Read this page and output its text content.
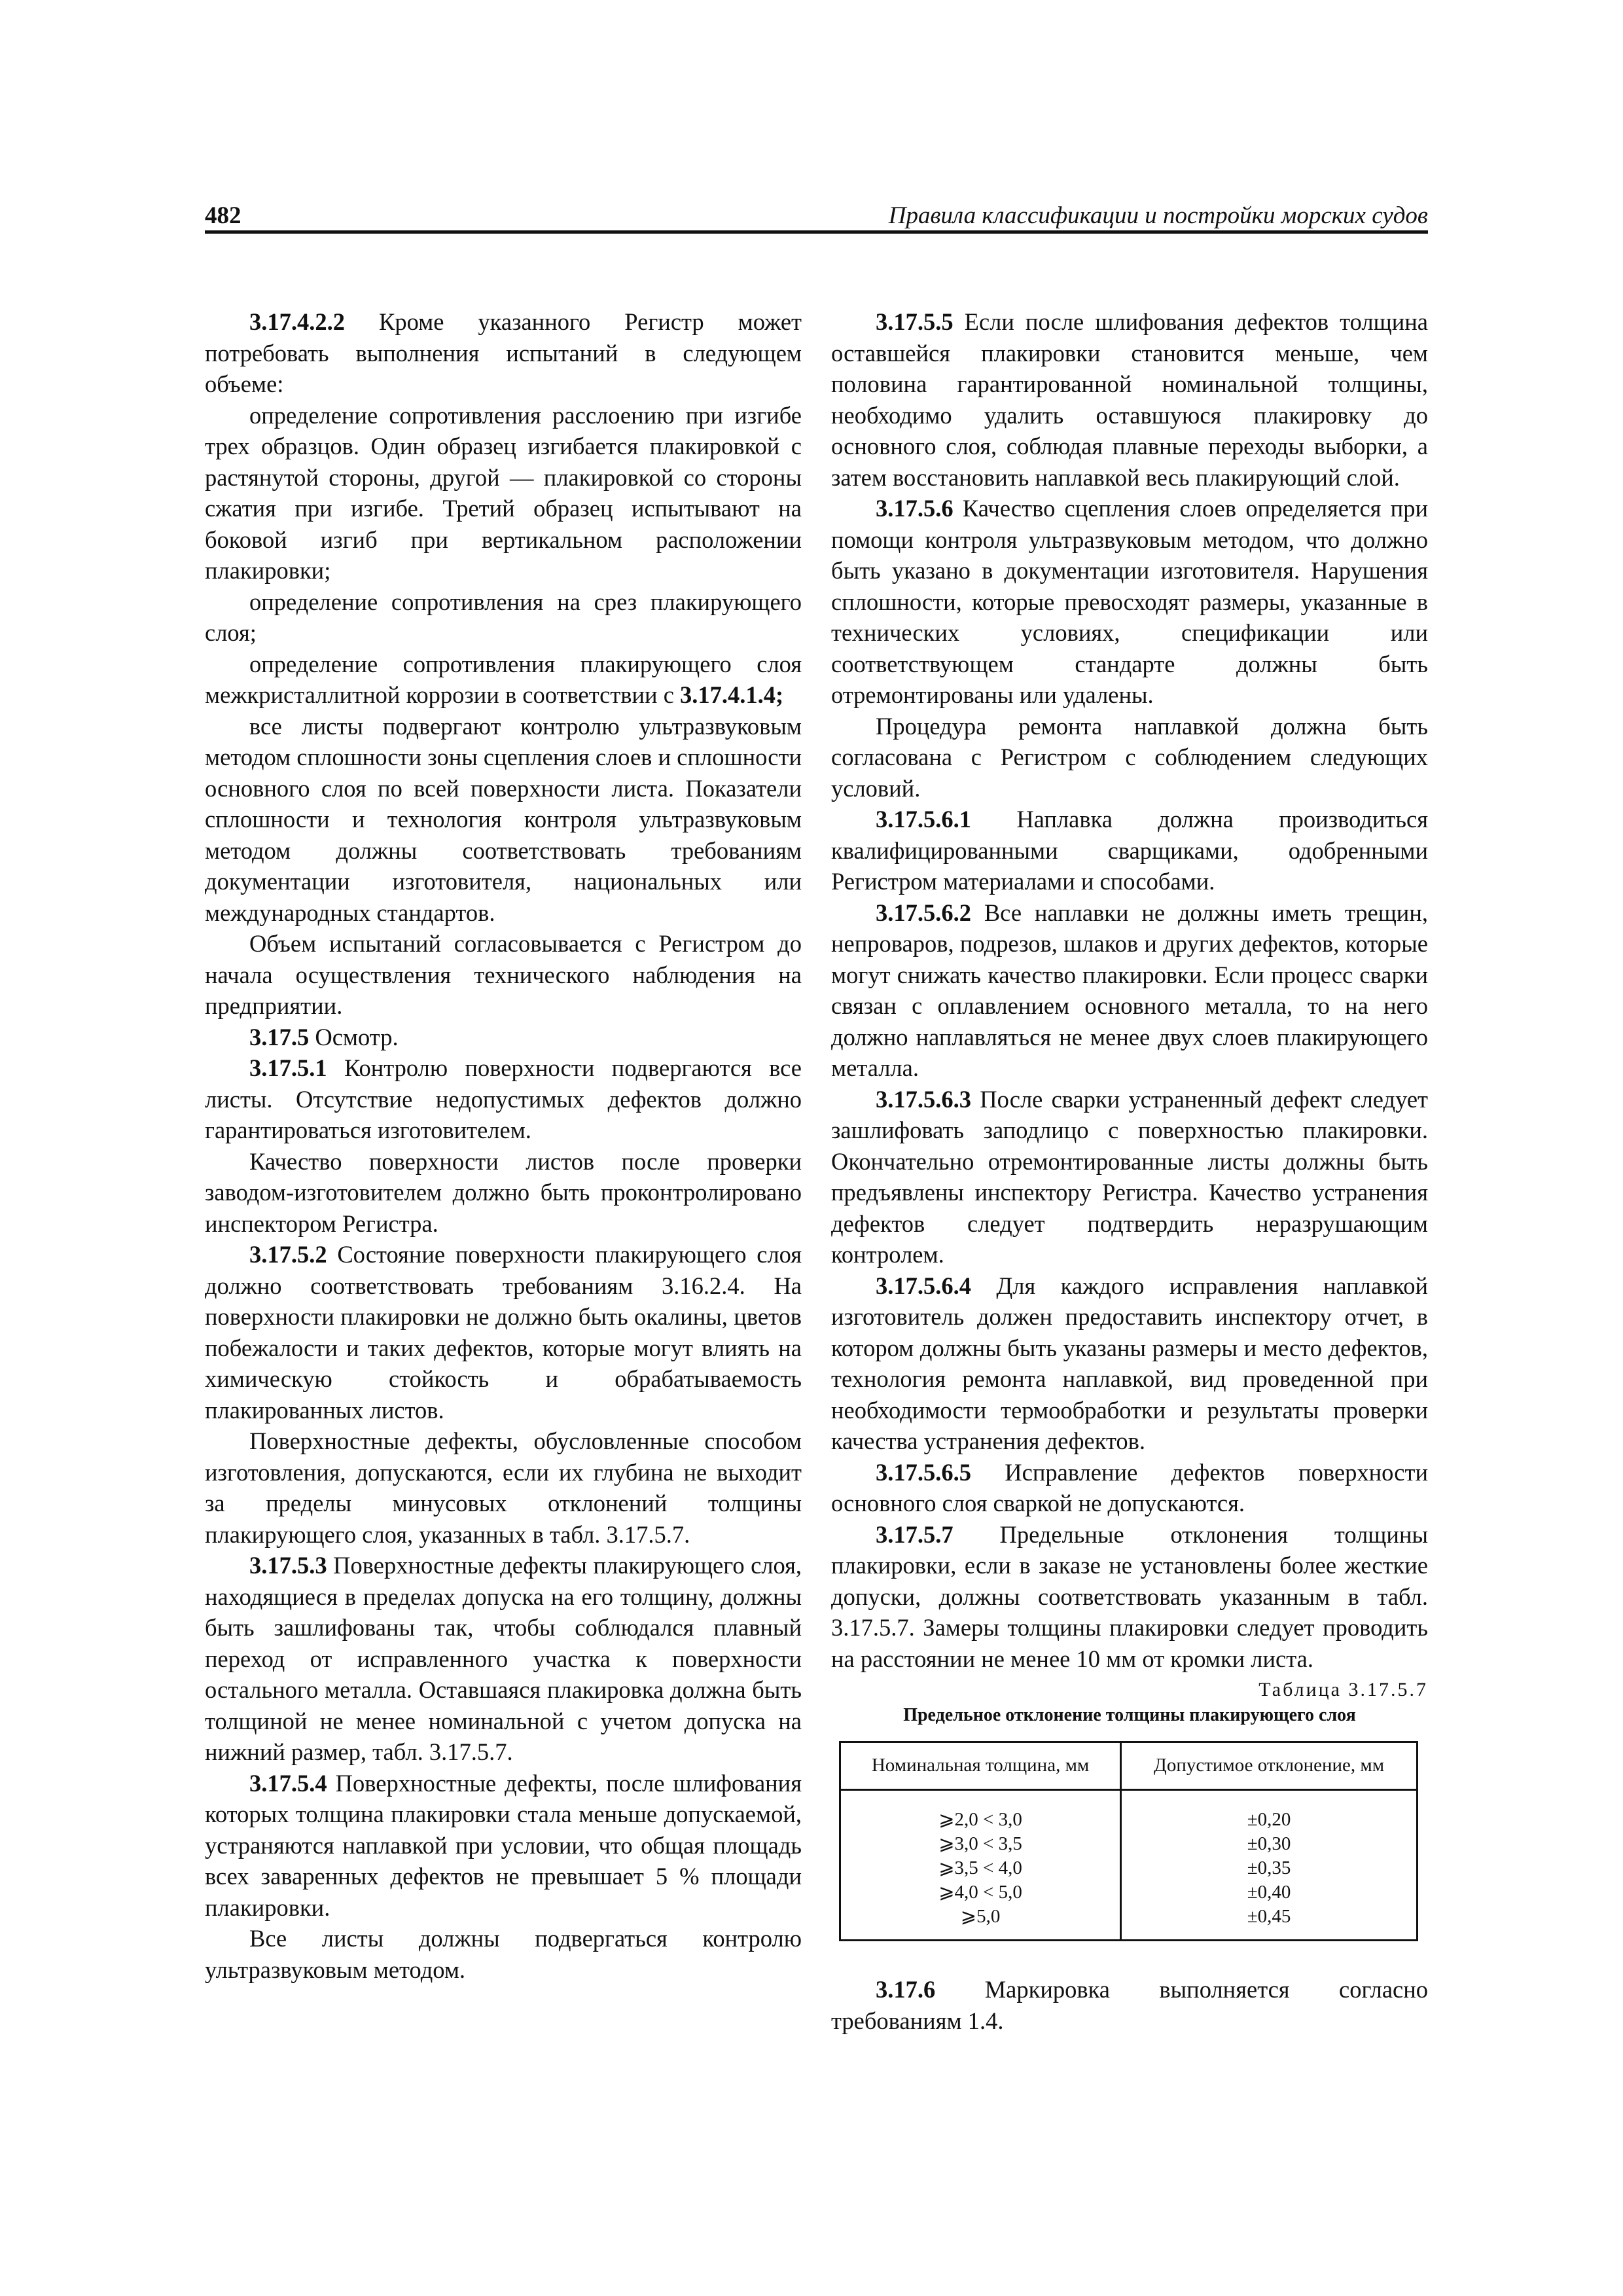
482	Правила классификации и постройки морских судов

3.17.4.2.2 Кроме указанного Регистр может потребовать выполнения испытаний в следующем объеме:

определение сопротивления расслоению при изгибе трех образцов. Один образец изгибается плакировкой с растянутой стороны, другой — плакировкой со стороны сжатия при изгибе. Третий образец испытывают на боковой изгиб при вертикальном расположении плакировки;

определение сопротивления на срез плакирующего слоя;

определение сопротивления плакирующего слоя межкристаллитной коррозии в соответствии с 3.17.4.1.4;

все листы подвергают контролю ультразвуковым методом сплошности зоны сцепления слоев и сплошности основного слоя по всей поверхности листа. Показатели сплошности и технология контроля ультразвуковым методом должны соответствовать требованиям документации изготовителя, национальных или международных стандартов.

Объем испытаний согласовывается с Регистром до начала осуществления технического наблюдения на предприятии.

3.17.5 Осмотр.

3.17.5.1 Контролю поверхности подвергаются все листы. Отсутствие недопустимых дефектов должно гарантироваться изготовителем.

Качество поверхности листов после проверки заводом-изготовителем должно быть проконтролировано инспектором Регистра.

3.17.5.2 Состояние поверхности плакирующего слоя должно соответствовать требованиям 3.16.2.4. На поверхности плакировки не должно быть окалины, цветов побежалости и таких дефектов, которые могут влиять на химическую стойкость и обрабатываемость плакированных листов.

Поверхностные дефекты, обусловленные способом изготовления, допускаются, если их глубина не выходит за пределы минусовых отклонений толщины плакирующего слоя, указанных в табл. 3.17.5.7.

3.17.5.3 Поверхностные дефекты плакирующего слоя, находящиеся в пределах допуска на его толщину, должны быть зашлифованы так, чтобы соблюдался плавный переход от исправленного участка к поверхности остального металла. Оставшаяся плакировка должна быть толщиной не менее номинальной с учетом допуска на нижний размер, табл. 3.17.5.7.

3.17.5.4 Поверхностные дефекты, после шлифования которых толщина плакировки стала меньше допускаемой, устраняются наплавкой при условии, что общая площадь всех заваренных дефектов не превышает 5 % площади плакировки.

Все листы должны подвергаться контролю ультразвуковым методом.

3.17.5.5 Если после шлифования дефектов толщина оставшейся плакировки становится меньше, чем половина гарантированной номинальной толщины, необходимо удалить оставшуюся плакировку до основного слоя, соблюдая плавные переходы выборки, а затем восстановить наплавкой весь плакирующий слой.

3.17.5.6 Качество сцепления слоев определяется при помощи контроля ультразвуковым методом, что должно быть указано в документации изготовителя. Нарушения сплошности, которые превосходят размеры, указанные в технических условиях, спецификации или соответствующем стандарте должны быть отремонтированы или удалены.

Процедура ремонта наплавкой должна быть согласована с Регистром с соблюдением следующих условий.

3.17.5.6.1 Наплавка должна производиться квалифицированными сварщиками, одобренными Регистром материалами и способами.

3.17.5.6.2 Все наплавки не должны иметь трещин, непроваров, подрезов, шлаков и других дефектов, которые могут снижать качество плакировки. Если процесс сварки связан с оплавлением основного металла, то на него должно наплавляться не менее двух слоев плакирующего металла.

3.17.5.6.3 После сварки устраненный дефект следует зашлифовать заподлицо с поверхностью плакировки. Окончательно отремонтированные листы должны быть предъявлены инспектору Регистра. Качество устранения дефектов следует подтвердить неразрушающим контролем.

3.17.5.6.4 Для каждого исправления наплавкой изготовитель должен предоставить инспектору отчет, в котором должны быть указаны размеры и место дефектов, технология ремонта наплавкой, вид проведенной при необходимости термообработки и результаты проверки качества устранения дефектов.

3.17.5.6.5 Исправление дефектов поверхности основного слоя сваркой не допускаются.

3.17.5.7 Предельные отклонения толщины плакировки, если в заказе не установлены более жесткие допуски, должны соответствовать указанным в табл. 3.17.5.7. Замеры толщины плакировки следует проводить на расстоянии не менее 10 мм от кромки листа.

Таблица 3.17.5.7
Предельное отклонение толщины плакирующего слоя
Номинальная толщина, мм	Допустимое отклонение, мм
⩾2,0 < 3,0	±0,20
⩾3,0 < 3,5	±0,30
⩾3,5 < 4,0	±0,35
⩾4,0 < 5,0	±0,40
⩾5,0	±0,45

3.17.6 Маркировка выполняется согласно требованиям 1.4.
